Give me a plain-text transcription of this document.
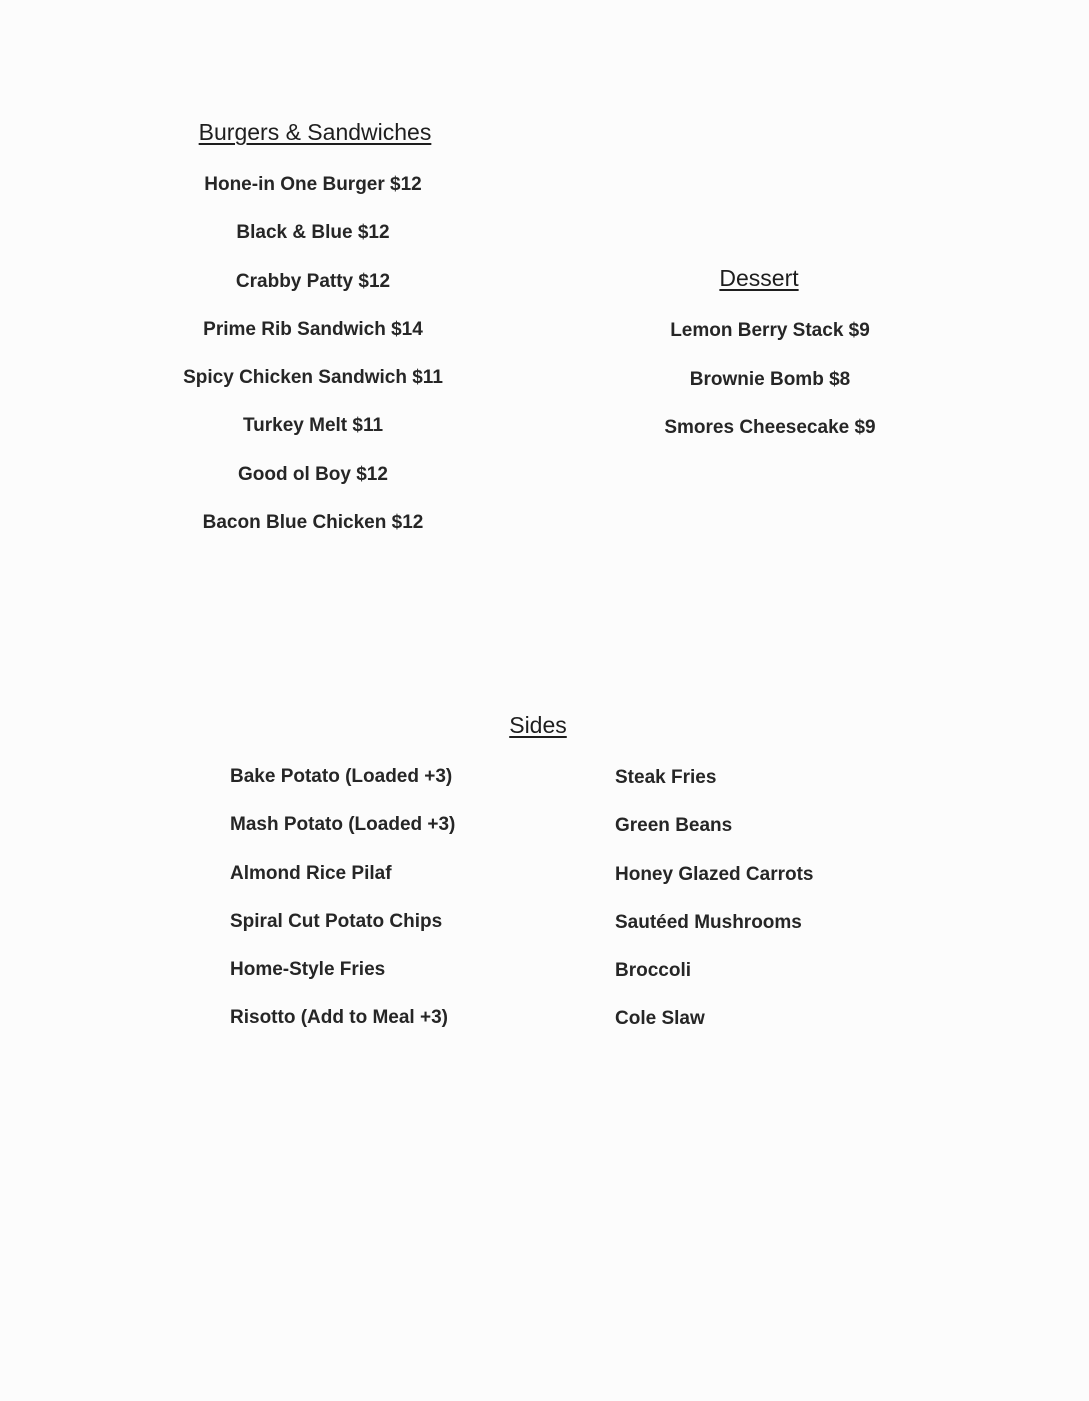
Burgers & Sandwiches
Hone-in One Burger $12
Black & Blue $12
Crabby Patty $12
Prime Rib Sandwich $14
Spicy Chicken Sandwich $11
Turkey Melt $11
Good ol Boy $12
Bacon Blue Chicken $12
Dessert
Lemon Berry Stack $9
Brownie Bomb $8
Smores Cheesecake $9
Sides
Bake Potato (Loaded +3)
Mash Potato (Loaded +3)
Almond Rice Pilaf
Spiral Cut Potato Chips
Home-Style Fries
Risotto (Add to Meal +3)
Steak Fries
Green Beans
Honey Glazed Carrots
Sautéed Mushrooms
Broccoli
Cole Slaw
